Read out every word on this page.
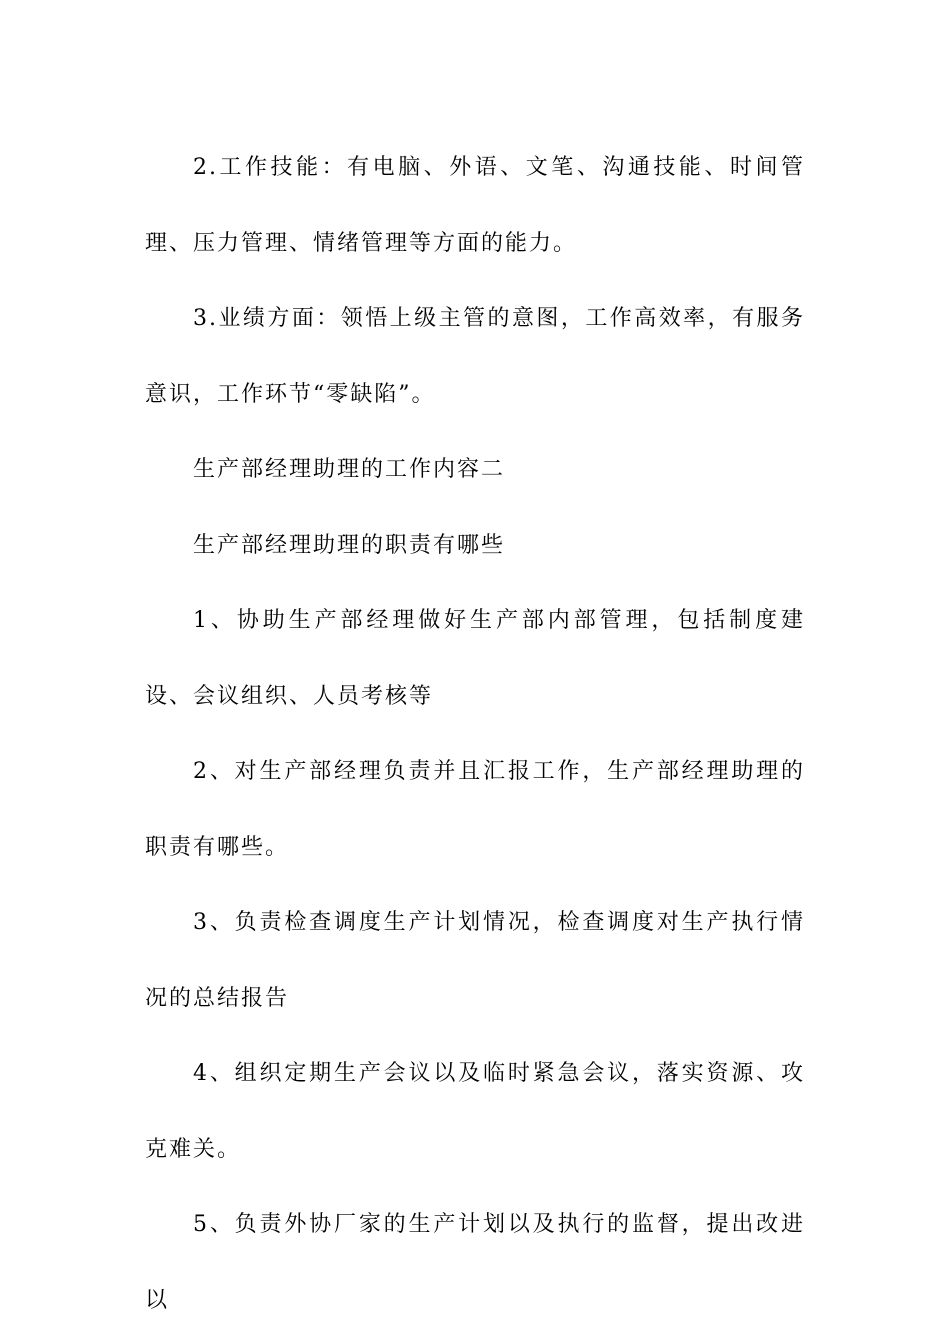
2.工作技能：有电脑、外语、文笔、沟通技能、时间管理、压力管理、情绪管理等方面的能力。

3.业绩方面：领悟上级主管的意图，工作高效率，有服务意识，工作环节“零缺陷”。

生产部经理助理的工作内容二

生产部经理助理的职责有哪些

1、协助生产部经理做好生产部内部管理，包括制度建设、会议组织、人员考核等

2、对生产部经理负责并且汇报工作，生产部经理助理的职责有哪些。

3、负责检查调度生产计划情况，检查调度对生产执行情况的总结报告

4、组织定期生产会议以及临时紧急会议，落实资源、攻克难关。

5、负责外协厂家的生产计划以及执行的监督，提出改进以
